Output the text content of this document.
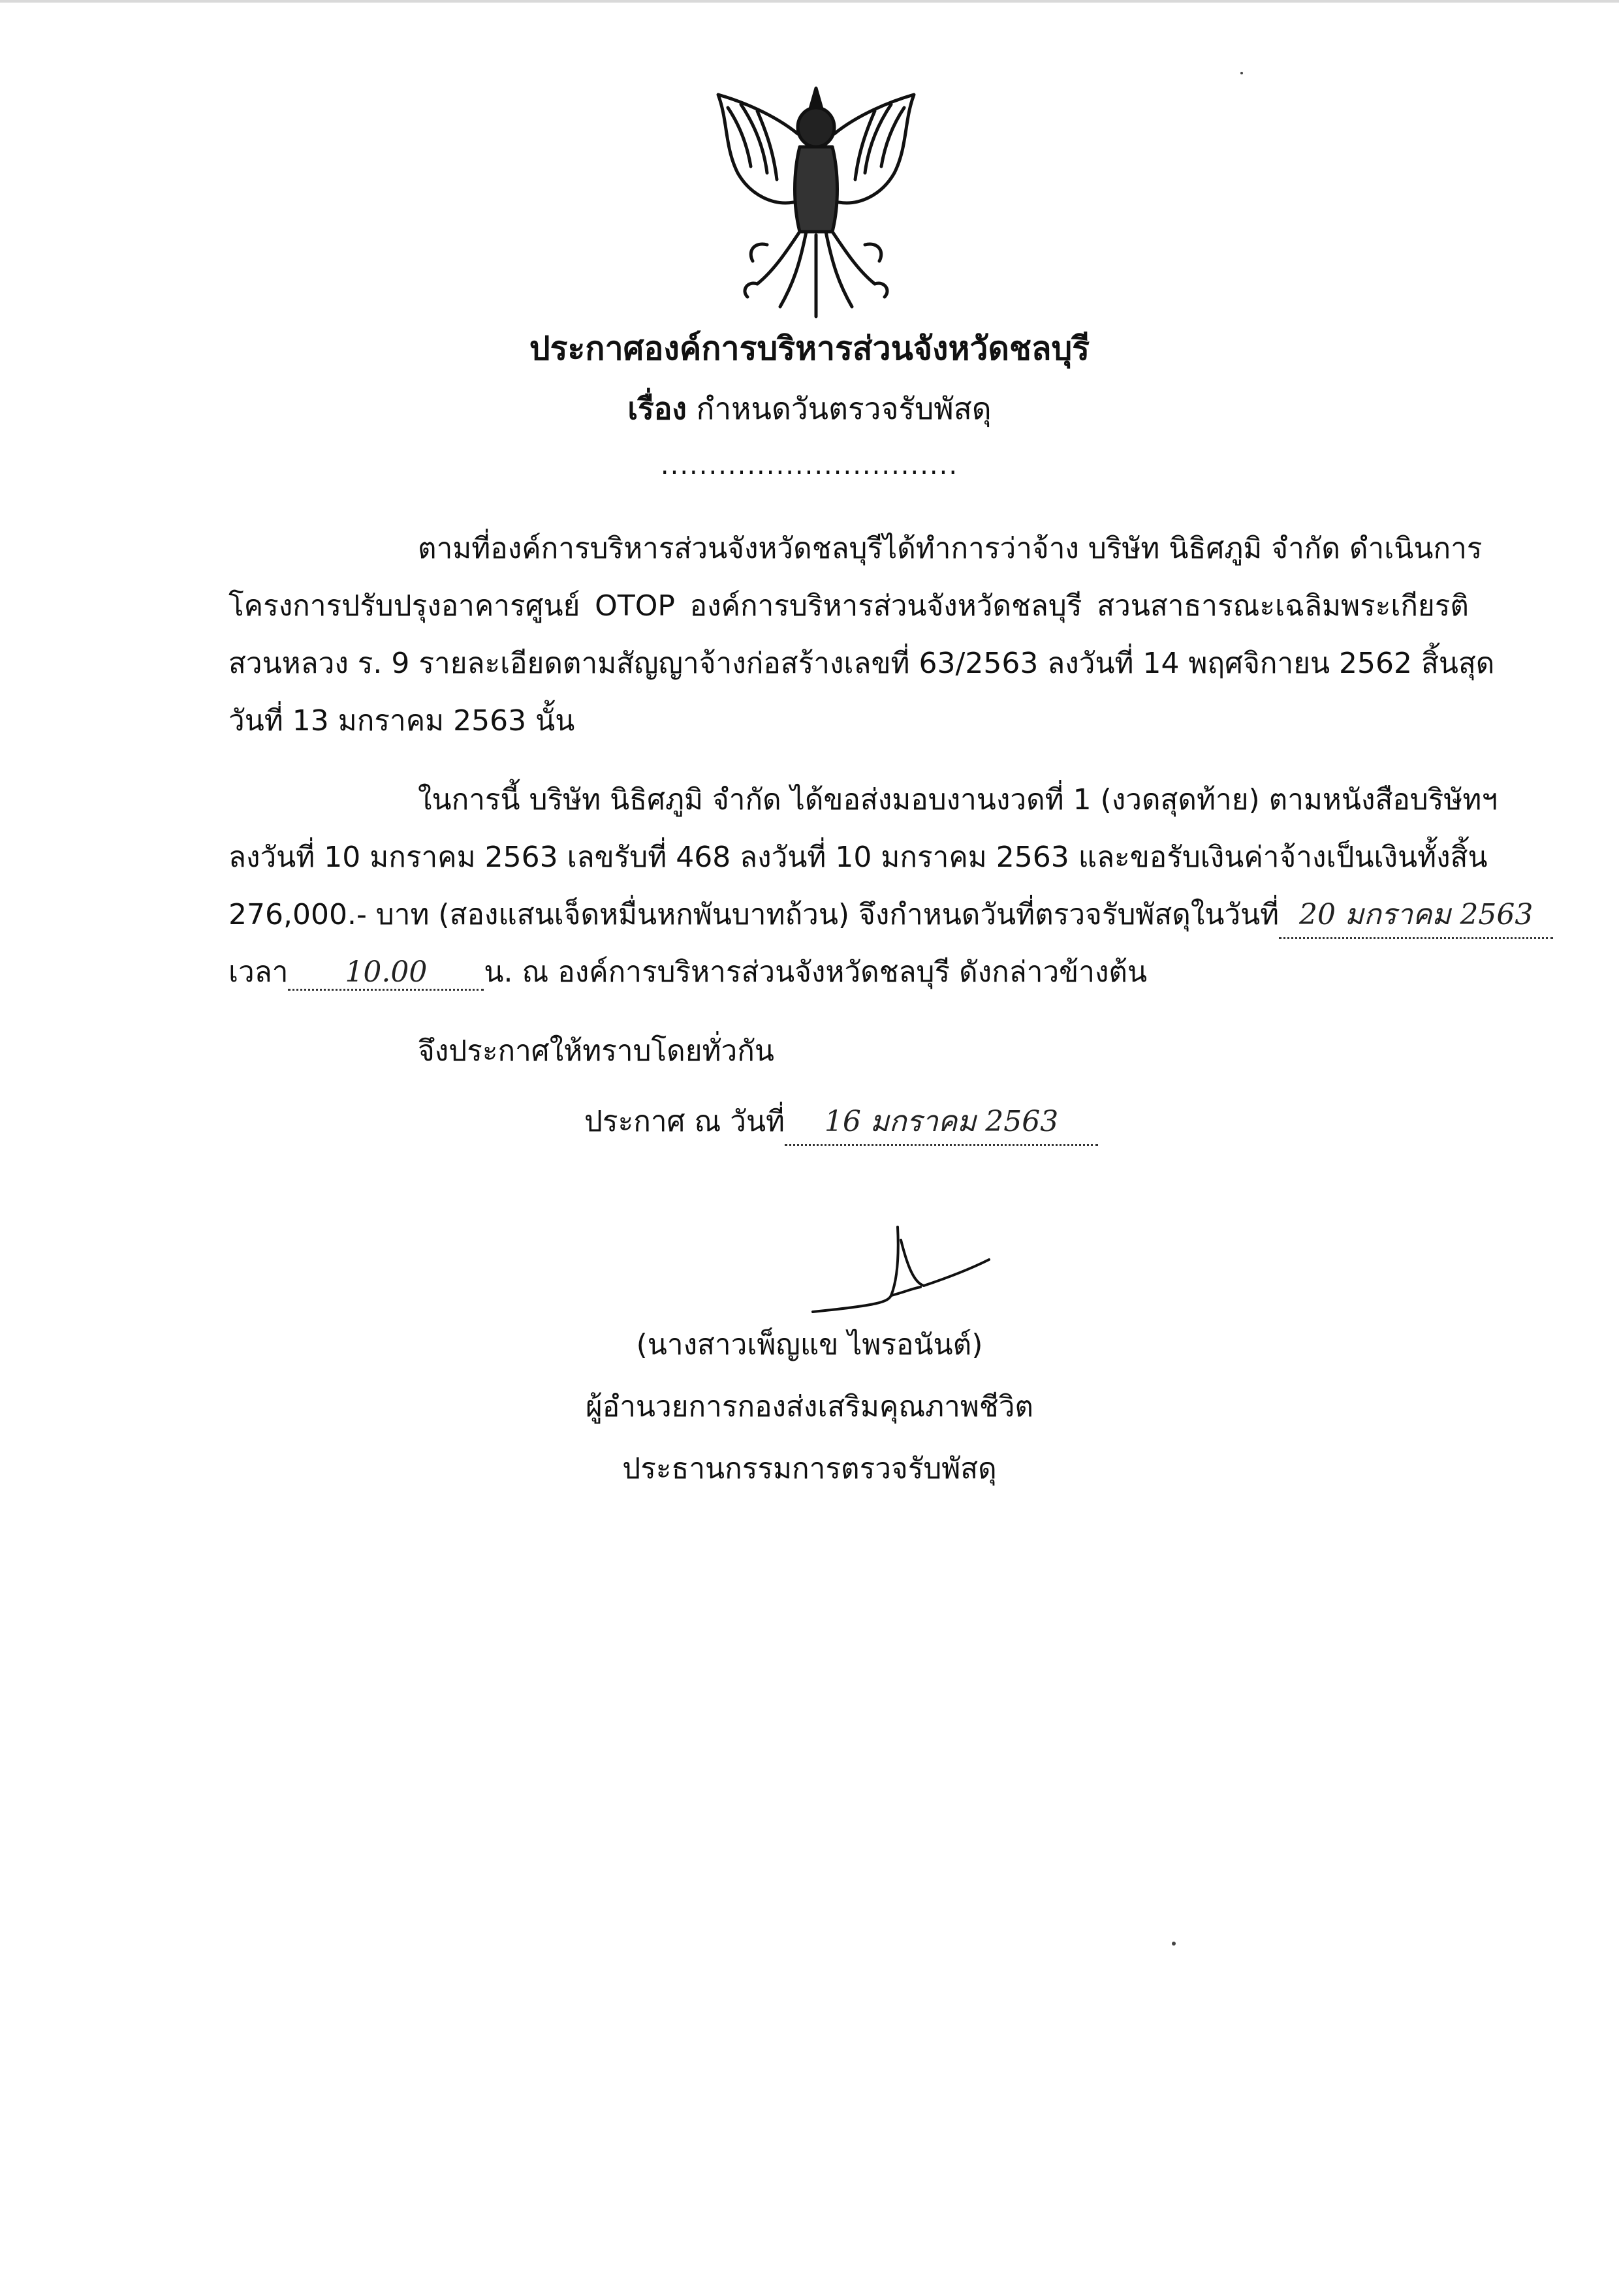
ประกาศองค์การบริหารส่วนจังหวัดชลบุรี
เรื่อง กำหนดวันตรวจรับพัสดุ
...............................
ตามที่องค์การบริหารส่วนจังหวัดชลบุรีได้ทำการว่าจ้าง บริษัท นิธิศภูมิ จำกัด ดำเนินการ
โครงการปรับปรุงอาคารศูนย์ OTOP องค์การบริหารส่วนจังหวัดชลบุรี สวนสาธารณะเฉลิมพระเกียรติ
สวนหลวง ร. 9 รายละเอียดตามสัญญาจ้างก่อสร้างเลขที่ 63/2563 ลงวันที่ 14 พฤศจิกายน 2562 สิ้นสุด
วันที่ 13 มกราคม 2563 นั้น
ในการนี้ บริษัท นิธิศภูมิ จำกัด ได้ขอส่งมอบงานงวดที่ 1 (งวดสุดท้าย) ตามหนังสือบริษัทฯ
ลงวันที่ 10 มกราคม 2563 เลขรับที่ 468 ลงวันที่ 10 มกราคม 2563 และขอรับเงินค่าจ้างเป็นเงินทั้งสิ้น
276,000.- บาท (สองแสนเจ็ดหมื่นหกพันบาทถ้วน) จึงกำหนดวันที่ตรวจรับพัสดุในวันที่ 20 มกราคม 2563
เวลา 10.00 น. ณ องค์การบริหารส่วนจังหวัดชลบุรี ดังกล่าวข้างต้น
จึงประกาศให้ทราบโดยทั่วกัน
ประกาศ ณ วันที่ 16 มกราคม 2563
(นางสาวเพ็ญแข ไพรอนันต์)
ผู้อำนวยการกองส่งเสริมคุณภาพชีวิต
ประธานกรรมการตรวจรับพัสดุ
